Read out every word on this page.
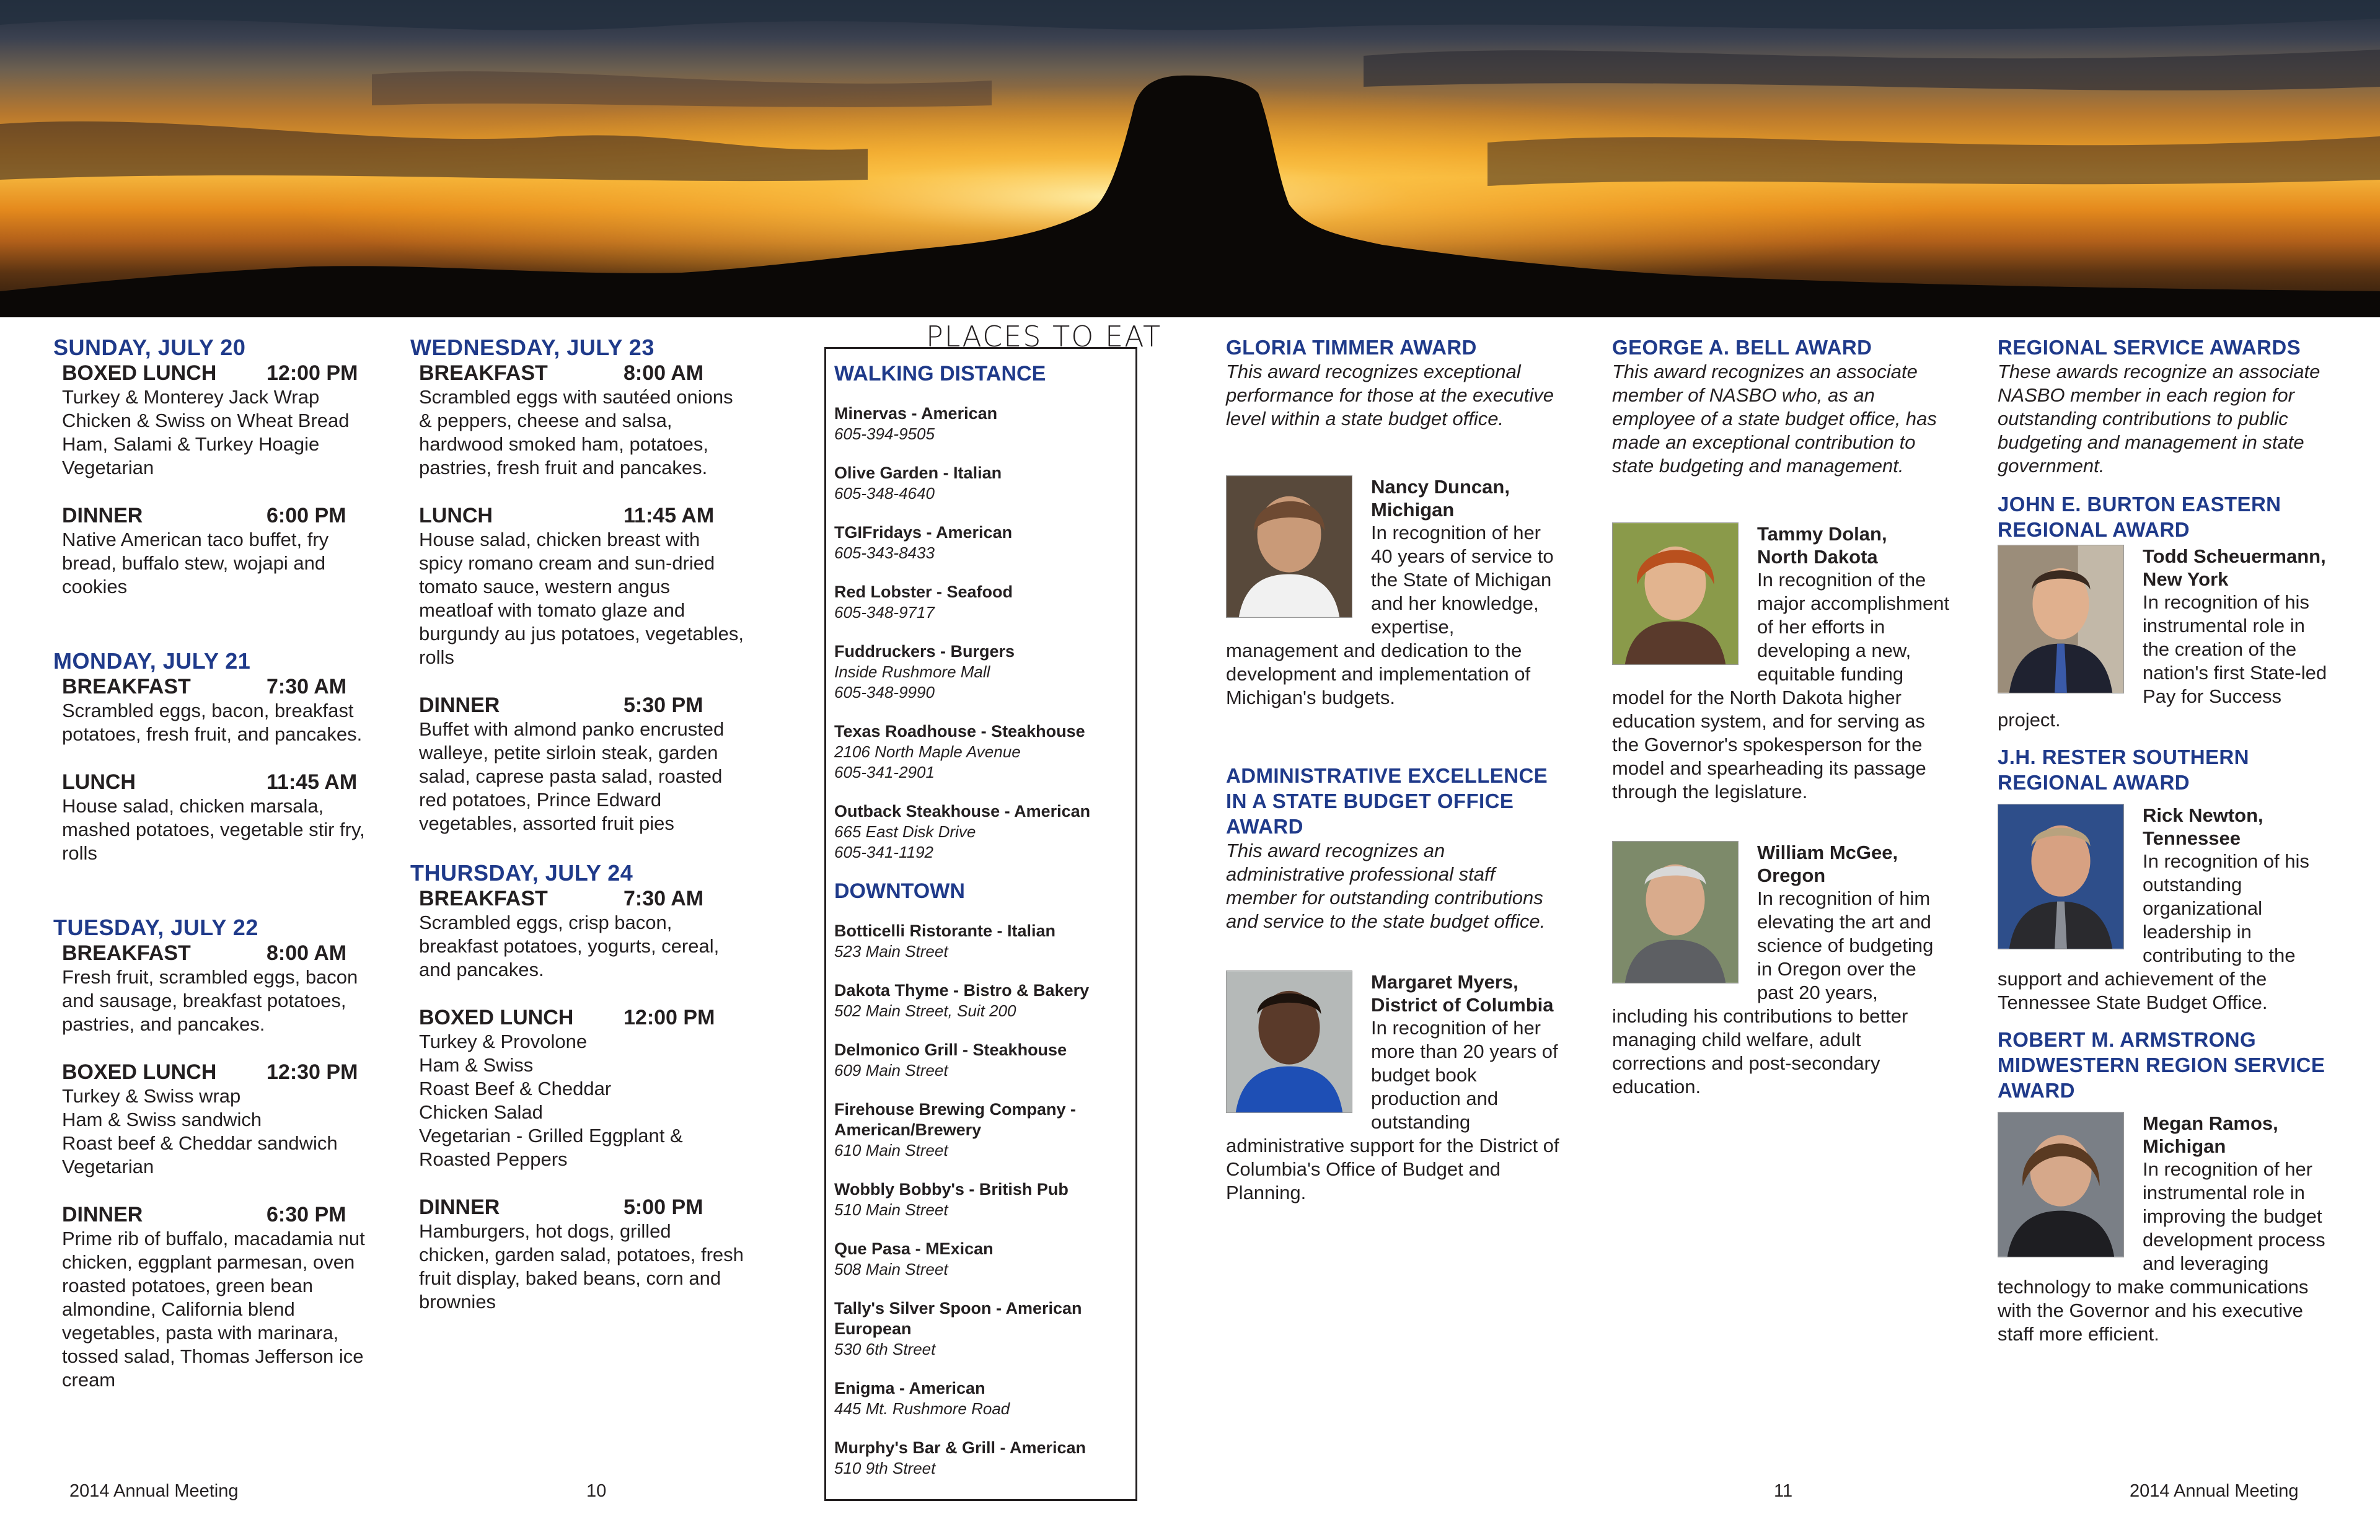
SUNDAY, JULY 20
BOXED LUNCH	12:00 PM
Turkey & Monterey Jack Wrap
Chicken & Swiss on Wheat Bread
Ham, Salami & Turkey Hoagie
Vegetarian
DINNER	6:00 PM
Native American taco buffet, fry bread, buffalo stew, wojapi and cookies
MONDAY, JULY 21
BREAKFAST	7:30 AM
Scrambled eggs, bacon, breakfast potatoes, fresh fruit, and pancakes.
LUNCH	11:45 AM
House salad, chicken marsala, mashed potatoes, vegetable stir fry, rolls
TUESDAY, JULY 22
BREAKFAST	8:00 AM
Fresh fruit, scrambled eggs, bacon and sausage, breakfast potatoes, pastries, and pancakes.
BOXED LUNCH	12:30 PM
Turkey & Swiss wrap
Ham & Swiss sandwich
Roast beef & Cheddar sandwich
Vegetarian
DINNER	6:30 PM
Prime rib of buffalo, macadamia nut chicken, eggplant parmesan, oven roasted potatoes, green bean almondine, California blend vegetables, pasta with marinara, tossed salad, Thomas Jefferson ice cream
WEDNESDAY, JULY 23
BREAKFAST	8:00 AM
Scrambled eggs with sautéed onions & peppers, cheese and salsa, hardwood smoked ham, potatoes, pastries, fresh fruit and pancakes.
LUNCH	11:45 AM
House salad, chicken breast with spicy romano cream and sun-dried tomato sauce, western angus meatloaf with tomato glaze and burgundy au jus potatoes, vegetables, rolls
DINNER	5:30 PM
Buffet with almond panko encrusted walleye, petite sirloin steak, garden salad, caprese pasta salad, roasted red potatoes, Prince Edward vegetables, assorted fruit pies
THURSDAY, JULY 24
BREAKFAST	7:30 AM
Scrambled eggs, crisp bacon, breakfast potatoes, yogurts, cereal, and pancakes.
BOXED LUNCH	12:00 PM
Turkey & Provolone
Ham & Swiss
Roast Beef & Cheddar
Chicken Salad
Vegetarian - Grilled Eggplant & Roasted Peppers
DINNER	5:00 PM
Hamburgers, hot dogs, grilled chicken, garden salad, potatoes, fresh fruit display, baked beans, corn and brownies
PLACES TO EAT
WALKING DISTANCE
Minervas - American
605-394-9505
Olive Garden - Italian
605-348-4640
TGIFridays - American
605-343-8433
Red Lobster - Seafood
605-348-9717
Fuddruckers - Burgers
Inside Rushmore Mall
605-348-9990
Texas Roadhouse - Steakhouse
2106 North Maple Avenue
605-341-2901
Outback Steakhouse - American
665 East Disk Drive
605-341-1192
DOWNTOWN
Botticelli Ristorante - Italian
523 Main Street
Dakota Thyme - Bistro & Bakery
502 Main Street, Suit 200
Delmonico Grill - Steakhouse
609 Main Street
Firehouse Brewing Company - American/Brewery
610 Main Street
Wobbly Bobby's - British Pub
510 Main Street
Que Pasa - MExican
508 Main Street
Tally's Silver Spoon - American European
530 6th Street
Enigma - American
445 Mt. Rushmore Road
Murphy's Bar & Grill - American
510 9th Street
GLORIA TIMMER AWARD
This award recognizes exceptional performance for those at the executive level within a state budget office.
Nancy Duncan,
Michigan
In recognition of her 40 years of service to the State of Michigan and her knowledge, expertise, management and dedication to the development and implementation of Michigan's budgets.
ADMINISTRATIVE EXCELLENCE IN A STATE BUDGET OFFICE AWARD
This award recognizes an administrative professional staff member for outstanding contributions and service to the state budget office.
Margaret Myers,
District of Columbia
In recognition of her more than 20 years of budget book production and outstanding administrative support for the District of Columbia's Office of Budget and Planning.
GEORGE A. BELL AWARD
This award recognizes an associate member of NASBO who, as an employee of a state budget office, has made an exceptional contribution to state budgeting and management.
Tammy Dolan,
North Dakota
In recognition of the major accomplishment of her efforts in developing a new, equitable funding model for the North Dakota higher education system, and for serving as the Governor's spokesperson for the model and spearheading its passage through the legislature.
William McGee,
Oregon
In recognition of him elevating the art and science of budgeting in Oregon over the past 20 years, including his contributions to better managing child welfare, adult corrections and post-secondary education.
REGIONAL SERVICE AWARDS
These awards recognize an associate NASBO member in each region for outstanding contributions to public budgeting and management in state government.
JOHN E. BURTON EASTERN REGIONAL AWARD
Todd Scheuermann,
New York
In recognition of his instrumental role in the creation of the nation's first State-led Pay for Success project.
J.H. RESTER SOUTHERN REGIONAL AWARD
Rick Newton,
Tennessee
In recognition of his outstanding organizational leadership in contributing to the support and achievement of the Tennessee State Budget Office.
ROBERT M. ARMSTRONG MIDWESTERN REGION SERVICE AWARD
Megan Ramos,
Michigan
In recognition of her instrumental role in improving the budget development process and leveraging technology to make communications with the Governor and his executive staff more efficient.
2014 Annual Meeting	10	11	2014 Annual Meeting
